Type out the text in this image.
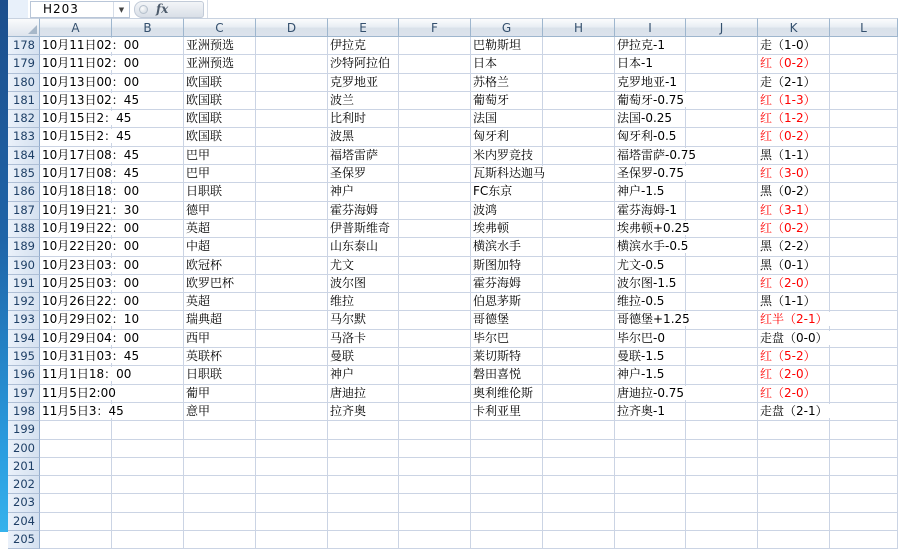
H203	▼	fx
A	B	C	D	E	F	G	H	I	J	K	L
178 10月11日02：00	亚洲预选	伊拉克	巴勒斯坦	伊拉克-1	走（1-0）
179 10月11日02：00	亚洲预选	沙特阿拉伯	日本	日本-1	红（0-2）
180 10月13日00：00	欧国联	克罗地亚	苏格兰	克罗地亚-1	走（2-1）
181 10月13日02：45	欧国联	波兰	葡萄牙	葡萄牙-0.75	红（1-3）
182 10月15日2：45	欧国联	比利时	法国	法国-0.25	红（1-2）
183 10月15日2：45	欧国联	波黑	匈牙利	匈牙利-0.5	红（0-2）
184 10月17日08：45	巴甲	福塔雷萨	米内罗竞技	福塔雷萨-0.75	黑（1-1）
185 10月17日08：45	巴甲	圣保罗	瓦斯科达迦马	圣保罗-0.75	红（3-0）
186 10月18日18：00	日职联	神户	FC东京	神户-1.5	黑（0-2）
187 10月19日21：30	德甲	霍芬海姆	波鸿	霍芬海姆-1	红（3-1）
188 10月19日22：00	英超	伊普斯维奇	埃弗顿	埃弗顿+0.25	红（0-2）
189 10月22日20：00	中超	山东泰山	横滨水手	横滨水手-0.5	黑（2-2）
190 10月23日03：00	欧冠杯	尤文	斯图加特	尤文-0.5	黑（0-1）
191 10月25日03：00	欧罗巴杯	波尔图	霍芬海姆	波尔图-1.5	红（2-0）
192 10月26日22：00	英超	维拉	伯恩茅斯	维拉-0.5	黑（1-1）
193 10月29日02：10	瑞典超	马尔默	哥德堡	哥德堡+1.25	红半（2-1）
194 10月29日04：00	西甲	马洛卡	毕尔巴	毕尔巴-0	走盘（0-0）
195 10月31日03：45	英联杯	曼联	莱切斯特	曼联-1.5	红（5-2）
196 11月1日18：00	日职联	神户	磐田喜悦	神户-1.5	红（2-0）
197 11月5日2:00	葡甲	唐迪拉	奥利维伦斯	唐迪拉-0.75	红（2-0）
198 11月5日3：45	意甲	拉齐奥	卡利亚里	拉齐奥-1	走盘（2-1）
199
200
201
202
203
204
205
